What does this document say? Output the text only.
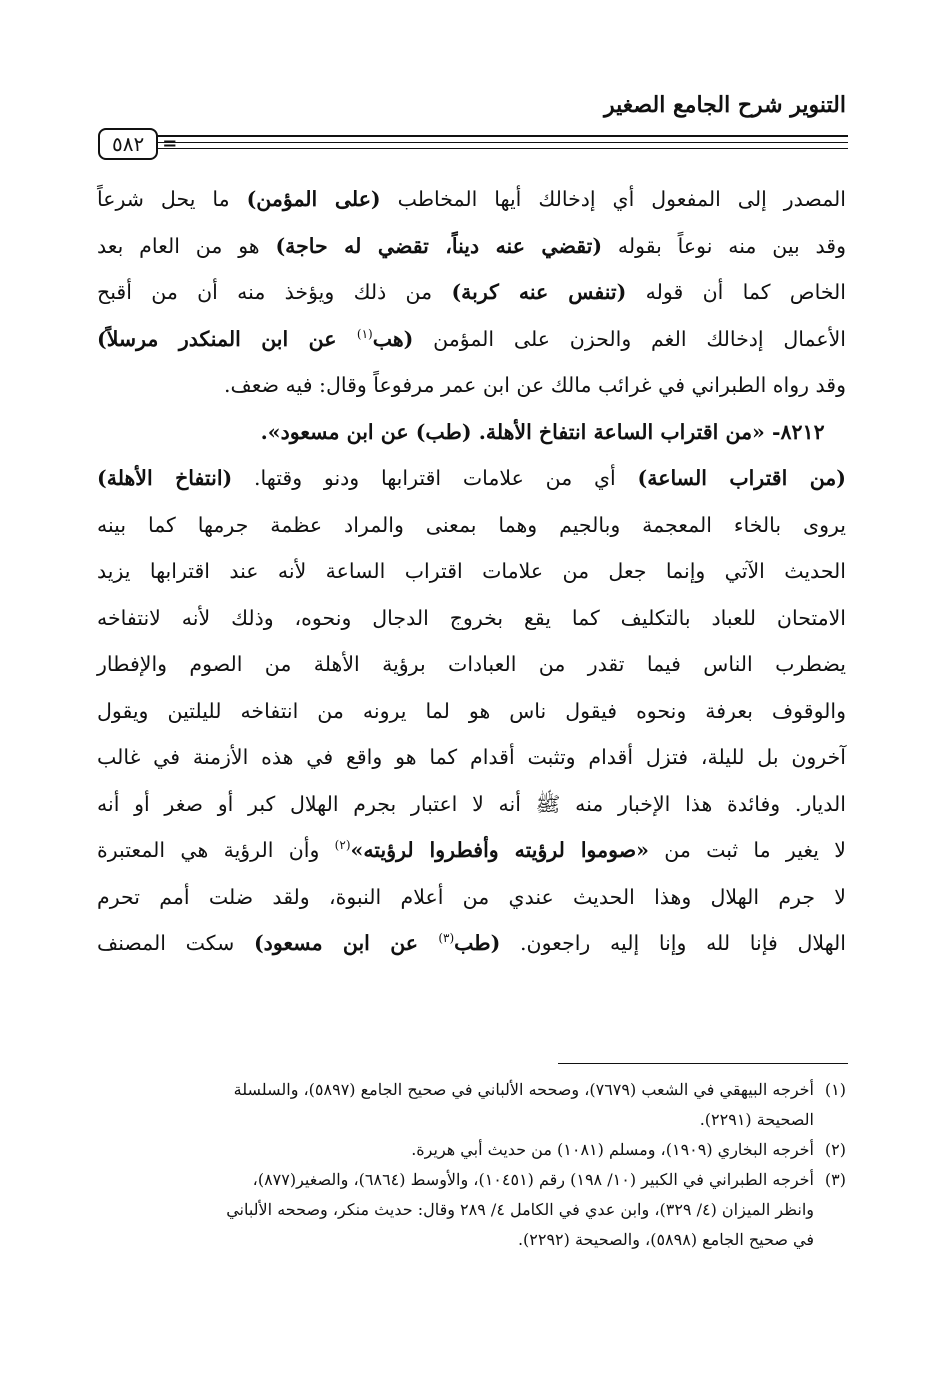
التنوير شرح الجامع الصغير
٥٨٢	=

المصدر إلى المفعول أي إدخالك أيها المخاطب (على المؤمن) ما يحل شرعاً

وقد بين منه نوعاً بقوله (تقضي عنه ديناً، تقضي له حاجة) هو من العام بعد

الخاص كما أن قوله (تنفس عنه كربة) من ذلك ويؤخذ منه أن من أقبح

الأعمال إدخالك الغم والحزن على المؤمن (هب$^{(١)}$ عن ابن المنكدر مرسلاً)

وقد رواه الطبراني في غرائب مالك عن ابن عمر مرفوعاً وقال: فيه ضعف.

٨٢١٢- «من اقتراب الساعة انتفاخ الأهلة. (طب) عن ابن مسعود».

(من اقتراب الساعة) أي من علامات اقترابها ودنو وقتها. (انتفاخ الأهلة)

يروى بالخاء المعجمة وبالجيم وهما بمعنى والمراد عظمة جرمها كما بينه

الحديث الآتي وإنما جعل من علامات اقتراب الساعة لأنه عند اقترابها يزيد

الامتحان للعباد بالتكليف كما يقع بخروج الدجال ونحوه، وذلك لأنه لانتفاخه

يضطرب الناس فيما تقدر من العبادات برؤية الأهلة من الصوم والإفطار

والوقوف بعرفة ونحوه فيقول ناس هو لما يرونه من انتفاخه لليلتين ويقول

آخرون بل لليلة، فتزل أقدام وتثبت أقدام كما هو واقع في هذه الأزمنة في غالب

الديار. وفائدة هذا الإخبار منه ﷺ أنه لا اعتبار بجرم الهلال كبر أو صغر أو أنه

لا يغير ما ثبت من «صوموا لرؤيته وأفطروا لرؤيته»$^{(٢)}$ وأن الرؤية هي المعتبرة

لا جرم الهلال وهذا الحديث عندي من أعلام النبوة، ولقد ضلت أمم تحرم

الهلال فإنا لله وإنا إليه راجعون. (طب$^{(٣)}$ عن ابن مسعود) سكت المصنف

(١)أخرجه البيهقي في الشعب (٧٦٧٩)، وصححه الألباني في صحيح الجامع (٥٨٩٧)، والسلسلة

الصحيحة (٢٢٩١).

(٢)أخرجه البخاري (١٩٠٩)، ومسلم (١٠٨١) من حديث أبي هريرة.

(٣)أخرجه الطبراني في الكبير (١٠/ ١٩٨) رقم (١٠٤٥١)، والأوسط (٦٨٦٤)، والصغير(٨٧٧)،

وانظر الميزان (٤/ ٣٢٩)، وابن عدي في الكامل ٤/ ٢٨٩ وقال: حديث منكر، وصححه الألباني

في صحيح الجامع (٥٨٩٨)، والصحيحة (٢٢٩٢).
